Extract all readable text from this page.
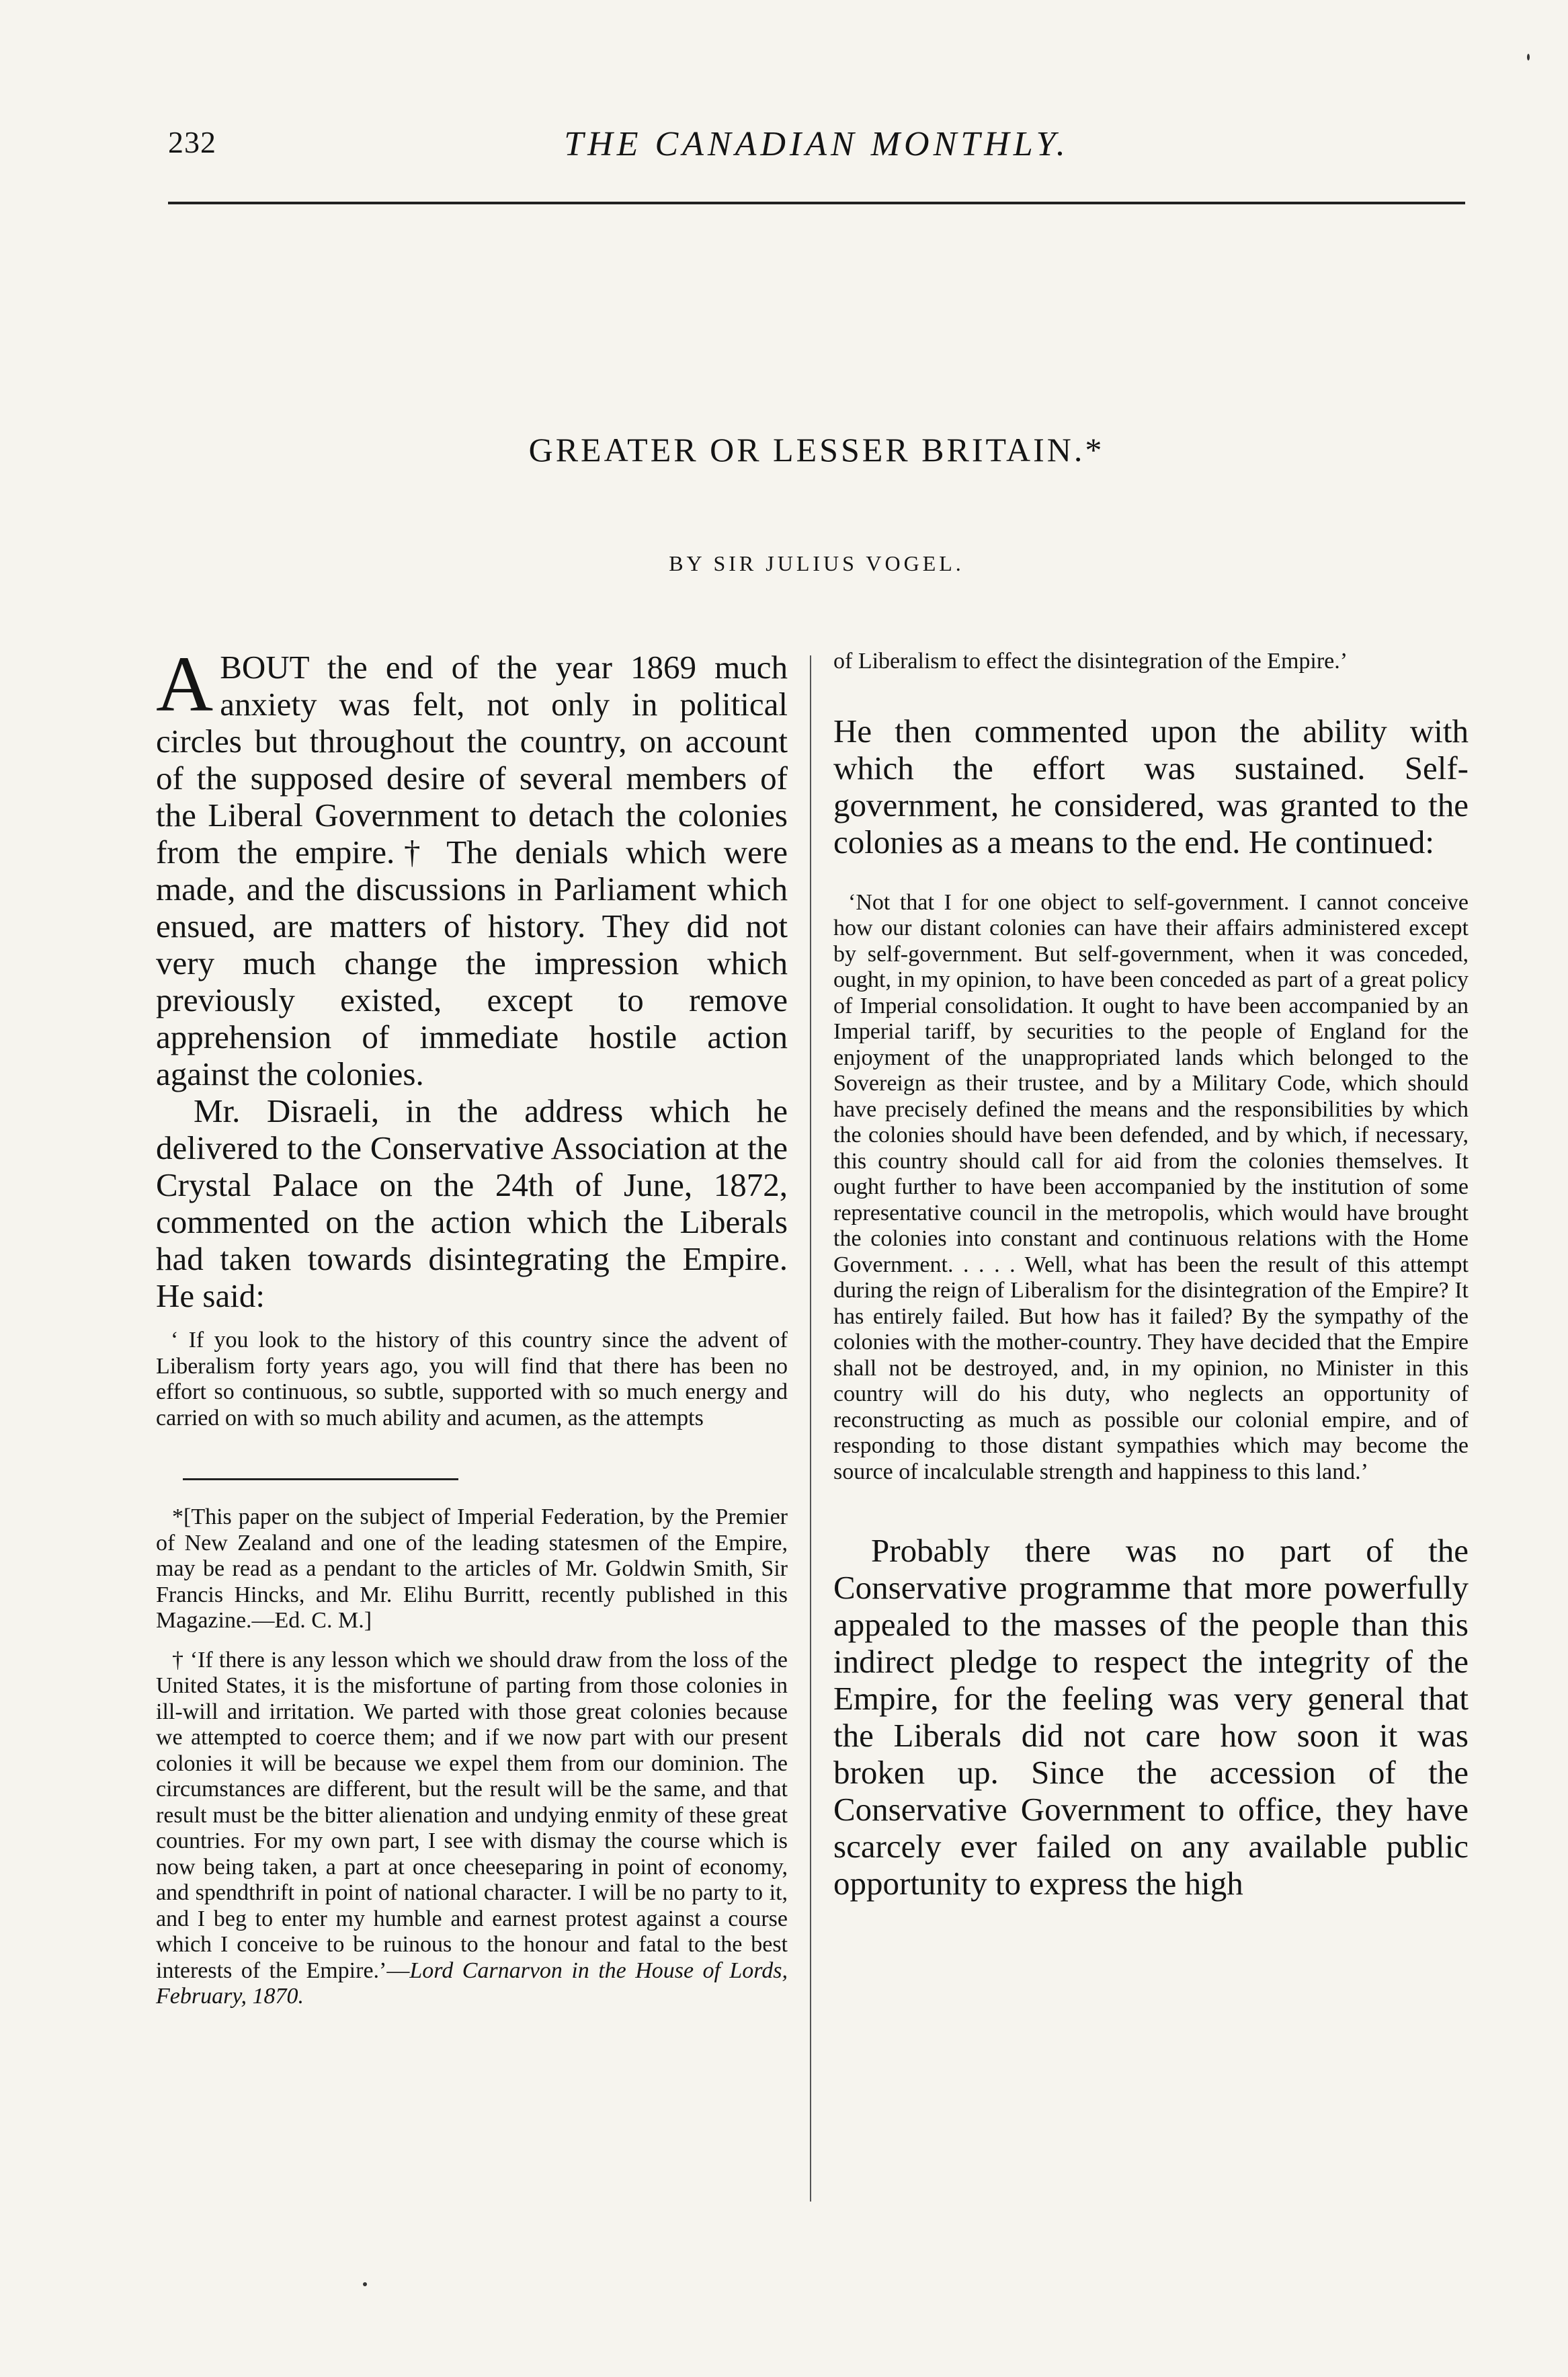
232	THE CANADIAN MONTHLY.
GREATER OR LESSER BRITAIN.*
BY SIR JULIUS VOGEL.

ABOUT the end of the year 1869 much anxiety was felt, not only in political circles but throughout the country, on account of the supposed desire of several members of the Liberal Government to detach the colonies from the empire.† The denials which were made, and the discussions in Parliament which ensued, are matters of history. They did not very much change the impression which previously existed, except to remove apprehension of immediate hostile action against the colonies.

Mr. Disraeli, in the address which he delivered to the Conservative Association at the Crystal Palace on the 24th of June, 1872, commented on the action which the Liberals had taken towards disintegrating the Empire. He said:

‘ If you look to the history of this country since the advent of Liberalism forty years ago, you will find that there has been no effort so continuous, so subtle, supported with so much energy and carried on with so much ability and acumen, as the attempts

*[This paper on the subject of Imperial Federation, by the Premier of New Zealand and one of the leading statesmen of the Empire, may be read as a pendant to the articles of Mr. Goldwin Smith, Sir Francis Hincks, and Mr. Elihu Burritt, recently published in this Magazine.—Ed. C. M.]

† ‘If there is any lesson which we should draw from the loss of the United States, it is the misfortune of parting from those colonies in ill-will and irritation. We parted with those great colonies because we attempted to coerce them; and if we now part with our present colonies it will be because we expel them from our dominion. The circumstances are different, but the result will be the same, and that result must be the bitter alienation and undying enmity of these great countries. For my own part, I see with dismay the course which is now being taken, a part at once cheeseparing in point of economy, and spendthrift in point of national character. I will be no party to it, and I beg to enter my humble and earnest protest against a course which I conceive to be ruinous to the honour and fatal to the best interests of the Empire.’—Lord Carnarvon in the House of Lords, February, 1870.

of Liberalism to effect the disintegration of the Empire.’

He then commented upon the ability with which the effort was sustained. Self-government, he considered, was granted to the colonies as a means to the end. He continued:

‘Not that I for one object to self-government. I cannot conceive how our distant colonies can have their affairs administered except by self-government. But self-government, when it was conceded, ought, in my opinion, to have been conceded as part of a great policy of Imperial consolidation. It ought to have been accompanied by an Imperial tariff, by securities to the people of England for the enjoyment of the unappropriated lands which belonged to the Sovereign as their trustee, and by a Military Code, which should have precisely defined the means and the responsibilities by which the colonies should have been defended, and by which, if necessary, this country should call for aid from the colonies themselves. It ought further to have been accompanied by the institution of some representative council in the metropolis, which would have brought the colonies into constant and continuous relations with the Home Government. . . . . Well, what has been the result of this attempt during the reign of Liberalism for the disintegration of the Empire? It has entirely failed. But how has it failed? By the sympathy of the colonies with the mother-country. They have decided that the Empire shall not be destroyed, and, in my opinion, no Minister in this country will do his duty, who neglects an opportunity of reconstructing as much as possible our colonial empire, and of responding to those distant sympathies which may become the source of incalculable strength and happiness to this land.’

Probably there was no part of the Conservative programme that more powerfully appealed to the masses of the people than this indirect pledge to respect the integrity of the Empire, for the feeling was very general that the Liberals did not care how soon it was broken up. Since the accession of the Conservative Government to office, they have scarcely ever failed on any available public opportunity to express the high
